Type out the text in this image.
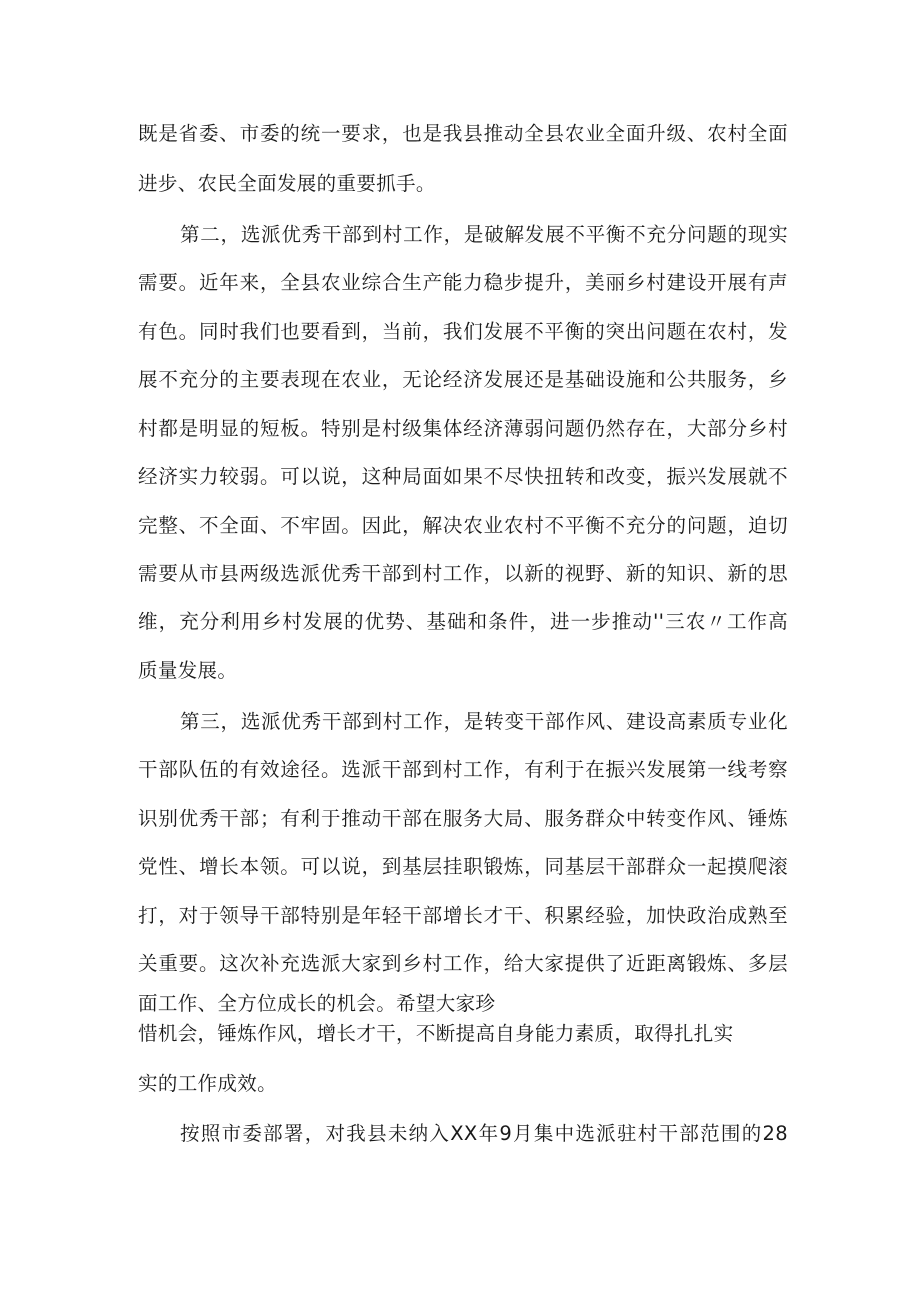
既是省委、市委的统一要求，也是我县推动全县农业全面升级、农村全面
进步、农民全面发展的重要抓手。
第二，选派优秀干部到村工作，是破解发展不平衡不充分问题的现实
需要。近年来，全县农业综合生产能力稳步提升，美丽乡村建设开展有声
有色。同时我们也要看到，当前，我们发展不平衡的突出问题在农村，发
展不充分的主要表现在农业，无论经济发展还是基础设施和公共服务，乡
村都是明显的短板。特别是村级集体经济薄弱问题仍然存在，大部分乡村
经济实力较弱。可以说，这种局面如果不尽快扭转和改变，振兴发展就不
完整、不全面、不牢固。因此，解决农业农村不平衡不充分的问题，迫切
需要从市县两级选派优秀干部到村工作，以新的视野、新的知识、新的思
维，充分利用乡村发展的优势、基础和条件，进一步推动''三农〃工作高
质量发展。
第三，选派优秀干部到村工作，是转变干部作风、建设高素质专业化
干部队伍的有效途径。选派干部到村工作，有利于在振兴发展第一线考察
识别优秀干部；有利于推动干部在服务大局、服务群众中转变作风、锤炼
党性、增长本领。可以说，到基层挂职锻炼，同基层干部群众一起摸爬滚
打，对于领导干部特别是年轻干部增长才干、积累经验，加快政治成熟至
关重要。这次补充选派大家到乡村工作，给大家提供了近距离锻炼、多层
面工作、全方位成长的机会。希望大家珍
惜机会，锤炼作风，增长才干，不断提高自身能力素质，取得扎扎实
实的工作成效。
按照市委部署，对我县未纳入XX年9月集中选派驻村干部范围的28
